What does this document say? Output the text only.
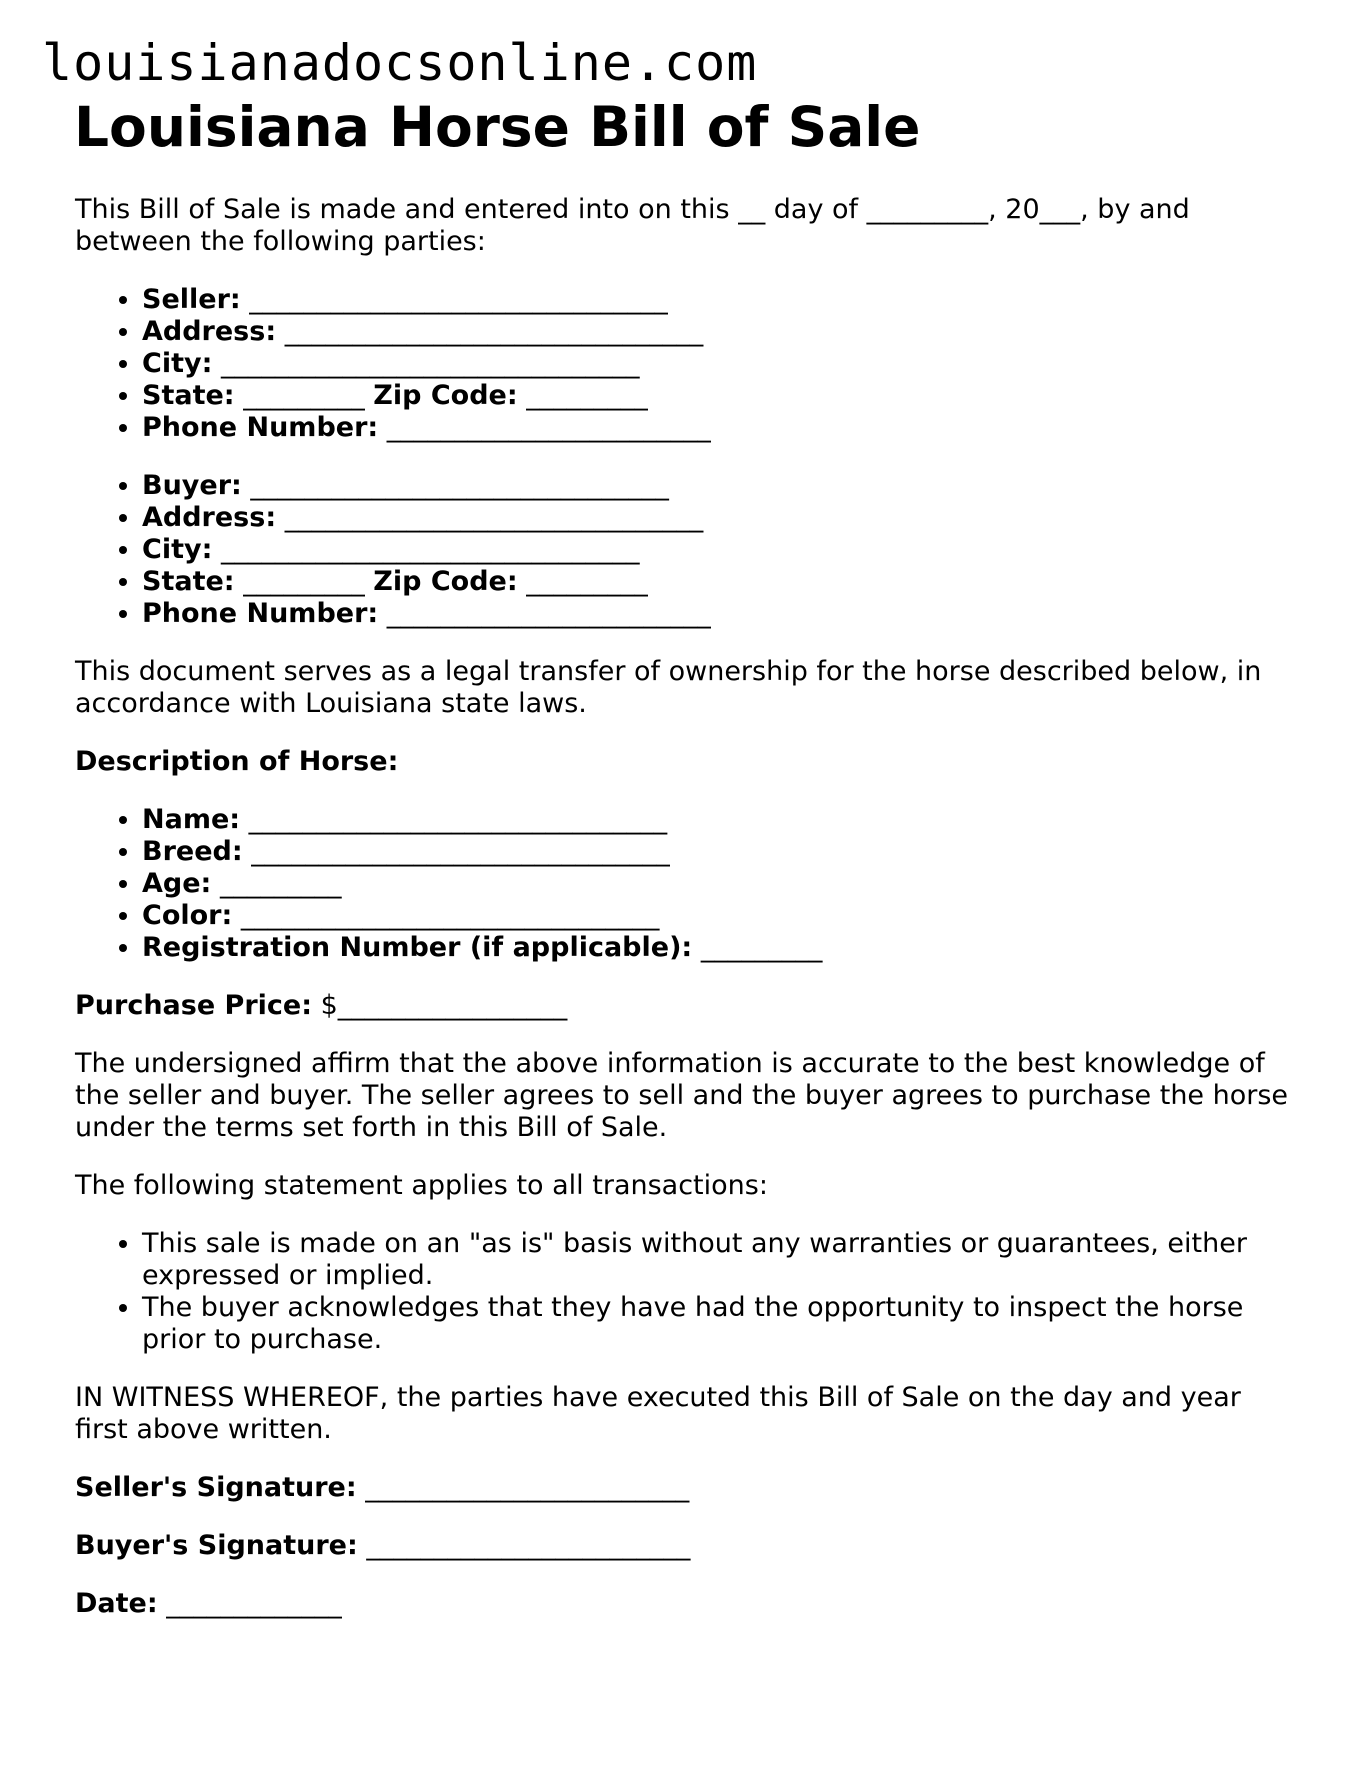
louisianadocsonline.com
Louisiana Horse Bill of Sale

This Bill of Sale is made and entered into on this __ day of _________, 20___, by and between the following parties:

• Seller: _______________________________
• Address: _______________________________
• City: _______________________________
• State: _________ Zip Code: _________
• Phone Number: ________________________
• Buyer: _______________________________
• Address: _______________________________
• City: _______________________________
• State: _________ Zip Code: _________
• Phone Number: ________________________

This document serves as a legal transfer of ownership for the horse described below, in accordance with Louisiana state laws.

Description of Horse:

• Name: _______________________________
• Breed: _______________________________
• Age: _________
• Color: _______________________________
• Registration Number (if applicable): _________

Purchase Price: $_________________

The undersigned affirm that the above information is accurate to the best knowledge of the seller and buyer. The seller agrees to sell and the buyer agrees to purchase the horse under the terms set forth in this Bill of Sale.

The following statement applies to all transactions:

• This sale is made on an "as is" basis without any warranties or guarantees, either expressed or implied.
• The buyer acknowledges that they have had the opportunity to inspect the horse prior to purchase.

IN WITNESS WHEREOF, the parties have executed this Bill of Sale on the day and year first above written.

Seller's Signature: ________________________

Buyer's Signature: ________________________

Date: _____________
